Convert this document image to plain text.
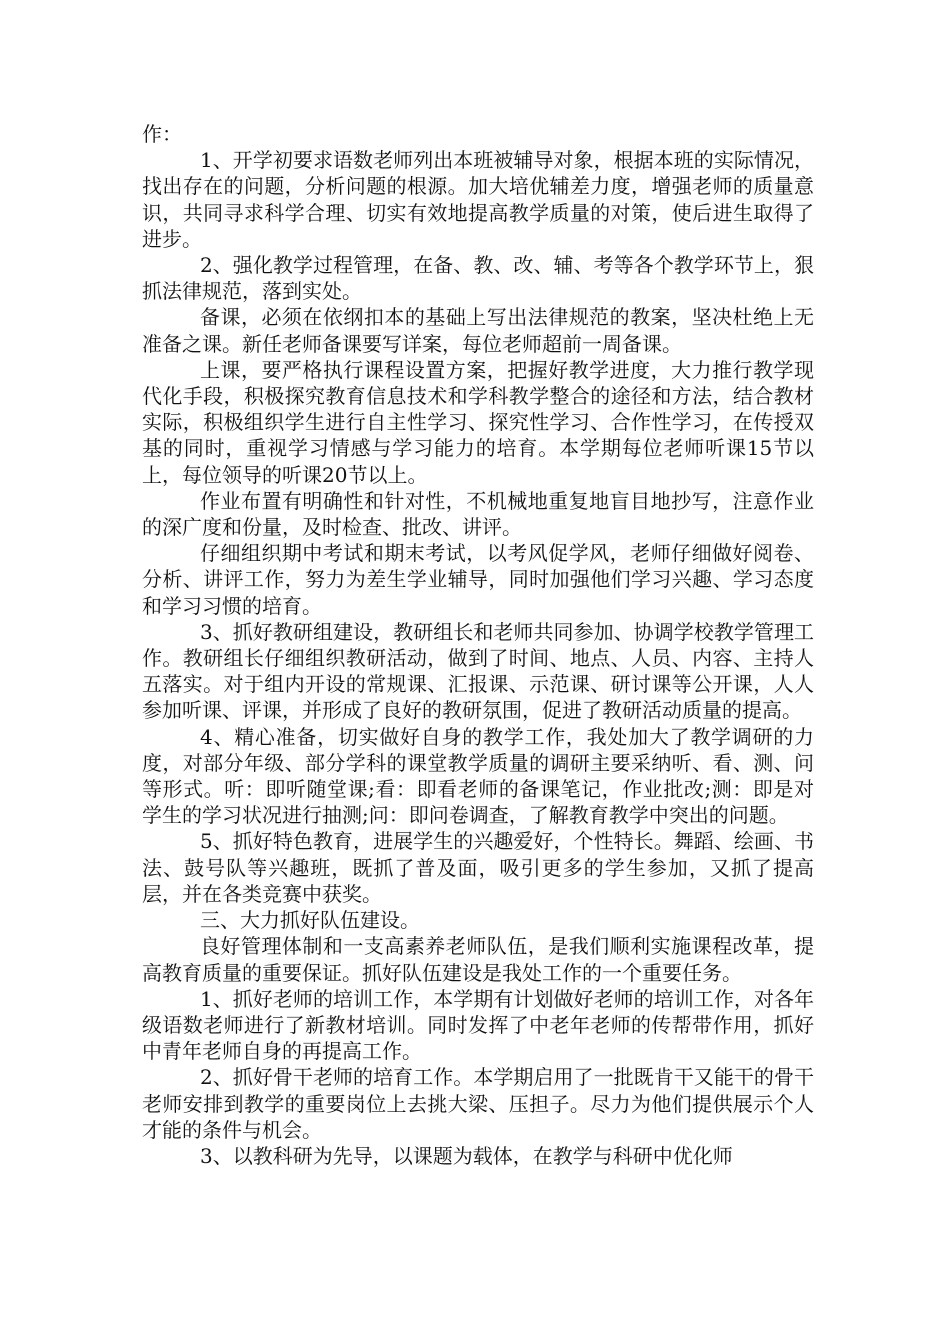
作：

1、开学初要求语数老师列出本班被辅导对象，根据本班的实际情况，找出存在的问题，分析问题的根源。加大培优辅差力度，增强老师的质量意识，共同寻求科学合理、切实有效地提高教学质量的对策，使后进生取得了进步。

2、强化教学过程管理，在备、教、改、辅、考等各个教学环节上，狠抓法律规范，落到实处。

备课，必须在依纲扣本的基础上写出法律规范的教案，坚决杜绝上无准备之课。新任老师备课要写详案，每位老师超前一周备课。

上课，要严格执行课程设置方案，把握好教学进度，大力推行教学现代化手段，积极探究教育信息技术和学科教学整合的途径和方法，结合教材实际，积极组织学生进行自主性学习、探究性学习、合作性学习，在传授双基的同时，重视学习情感与学习能力的培育。本学期每位老师听课15节以上，每位领导的听课20节以上。

作业布置有明确性和针对性，不机械地重复地盲目地抄写，注意作业的深广度和份量，及时检查、批改、讲评。

仔细组织期中考试和期末考试，以考风促学风，老师仔细做好阅卷、分析、讲评工作，努力为差生学业辅导，同时加强他们学习兴趣、学习态度和学习习惯的培育。

3、抓好教研组建设，教研组长和老师共同参加、协调学校教学管理工作。教研组长仔细组织教研活动，做到了时间、地点、人员、内容、主持人五落实。对于组内开设的常规课、汇报课、示范课、研讨课等公开课，人人参加听课、评课，并形成了良好的教研氛围，促进了教研活动质量的提高。

4、精心准备，切实做好自身的教学工作，我处加大了教学调研的力度，对部分年级、部分学科的课堂教学质量的调研主要采纳听、看、测、问等形式。听：即听随堂课;看：即看老师的备课笔记，作业批改;测：即是对学生的学习状况进行抽测;问：即问卷调查，了解教育教学中突出的问题。

5、抓好特色教育，进展学生的兴趣爱好，个性特长。舞蹈、绘画、书法、鼓号队等兴趣班，既抓了普及面，吸引更多的学生参加，又抓了提高层，并在各类竞赛中获奖。

三、大力抓好队伍建设。

良好管理体制和一支高素养老师队伍，是我们顺利实施课程改革，提高教育质量的重要保证。抓好队伍建设是我处工作的一个重要任务。

1、抓好老师的培训工作，本学期有计划做好老师的培训工作，对各年级语数老师进行了新教材培训。同时发挥了中老年老师的传帮带作用，抓好中青年老师自身的再提高工作。

2、抓好骨干老师的培育工作。本学期启用了一批既肯干又能干的骨干老师安排到教学的重要岗位上去挑大梁、压担子。尽力为他们提供展示个人才能的条件与机会。

3、以教科研为先导，以课题为载体，在教学与科研中优化师
